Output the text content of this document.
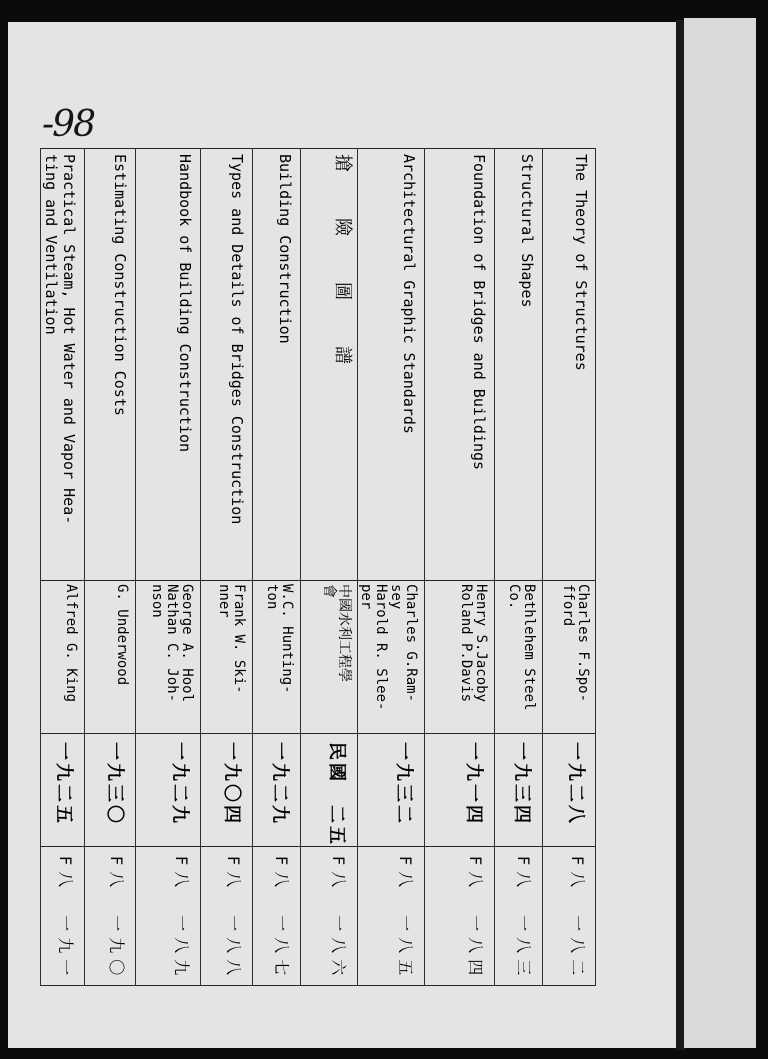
-98
The Theory of Structures
Charles F.Spo-
fford
一九二八
F八　一八二
Structural Shapes
Bethlehem Steel
Co.
一九三四
F八　一八三
Foundation of Bridges and Buildings
Henry S.Jacoby
Roland P.Davis
一九一四
F八　一八四
Architectural Graphic Standards
Charles G.Ram-
sey
Harold R. Slee-
per
一九三二
F八　一八五
搶　險　圖　譜
中國水利工程學
會
民國　二五
F八　一八六
Building Construction
W.C. Hunting-
ton
一九二九
F八　一八七
Types and Details of Bridges Construction
Frank W. Ski-
nner
一九〇四
F八　一八八
Handbook of Building Construction
George A. Hool
Nathan C. Joh-
nson
一九二九
F八　一八九
Estimating Construction Costs
G. Underwood
一九三〇
F八　一九〇
Practical Steam, Hot Water and Vapor Hea-
ting and Ventilation
Alfred G. King
一九二五
F八　一九一
